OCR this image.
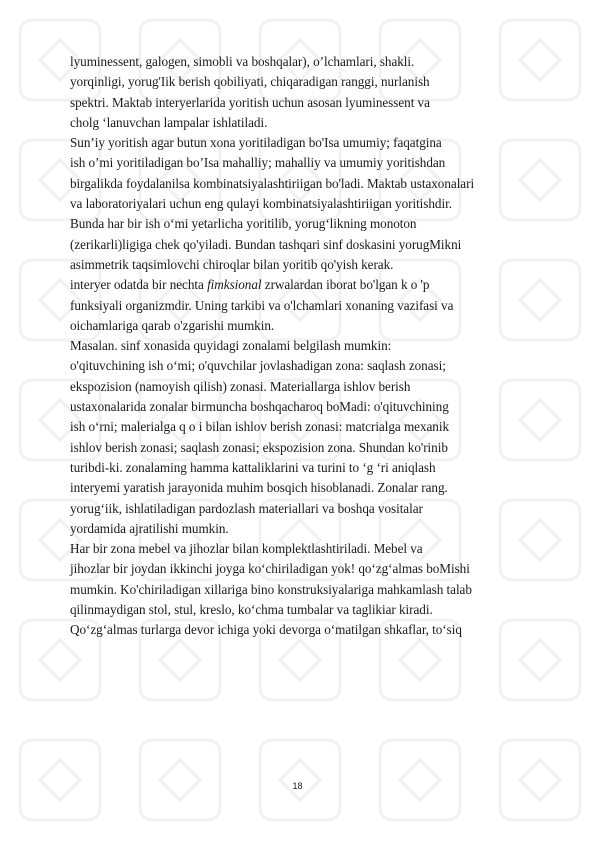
lyuminessent, galogen, simobli va boshqalar), o’lchamlari, shakli.
yorqinligi, yorug'Iik berish qobiliyati, chiqaradigan ranggi, nurlanish
spektri. Maktab interyerlarida yoritish uchun asosan lyuminessent va
cholg ‘lanuvchan lampalar ishlatiladi.
Sun’iy yoritish agar butun xona yoritiladigan bo'Isa umumiy; faqatgina
ish o’mi yoritiladigan bo’Isa mahalliy; mahalliy va umumiy yoritishdan
birgalikda foydalanilsa kombinatsiyalashtiriigan bo'ladi. Maktab ustaxonalari
va laboratoriyalari uchun eng qulayi kombinatsiyalashtiriigan yoritishdir.
Bunda har bir ish o‘mi yetarlicha yoritilib, yorug‘likning monoton
(zerikarli)ligiga chek qo'yiladi. Bundan tashqari sinf doskasini yorugMikni
asimmetrik taqsimlovchi chiroqlar bilan yoritib qo'yish kerak.
interyer odatda bir nechta fimksional zrwalardan iborat bo'lgan k o 'p
funksiyali organizmdir. Uning tarkibi va o'lchamlari xonaning vazifasi va
oichamlariga qarab o'zgarishi mumkin.
Masalan. sinf xonasida quyidagi zonalami belgilash mumkin:
o'qituvchining ish o‘mi; o'quvchilar jovlashadigan zona: saqlash zonasi;
ekspozision (namoyish qilish) zonasi. Materiallarga ishlov berish
ustaxonalarida zonalar birmuncha boshqacharoq boMadi: o'qituvchining
ish o‘rni; malerialga q o i bilan ishlov berish zonasi: matcrialga mexanik
ishlov berish zonasi; saqlash zonasi; ekspozision zona. Shundan ko'rinib
turibdi-ki. zonalaming hamma kattaliklarini va turini to ‘g ‘ri aniqlash
interyemi yaratish jarayonida muhim bosqich hisoblanadi. Zonalar rang.
yorug‘iik, ishlatiladigan pardozlash materiallari va boshqa vositalar
yordamida ajratilishi mumkin.
Har bir zona mebel va jihozlar bilan komplektlashtiriladi. Mebel va
jihozlar bir joydan ikkinchi joyga ko‘chiriladigan yok! qo‘zg‘almas boMishi
mumkin. Ko'chiriladigan xillariga bino konstruksiyalariga mahkamlash talab
qilinmaydigan stol, stul, kreslo, ko‘chma tumbalar va taglikiar kiradi.
Qo‘zg‘almas turlarga devor ichiga yoki devorga o‘matilgan shkaflar, to‘siq
18
